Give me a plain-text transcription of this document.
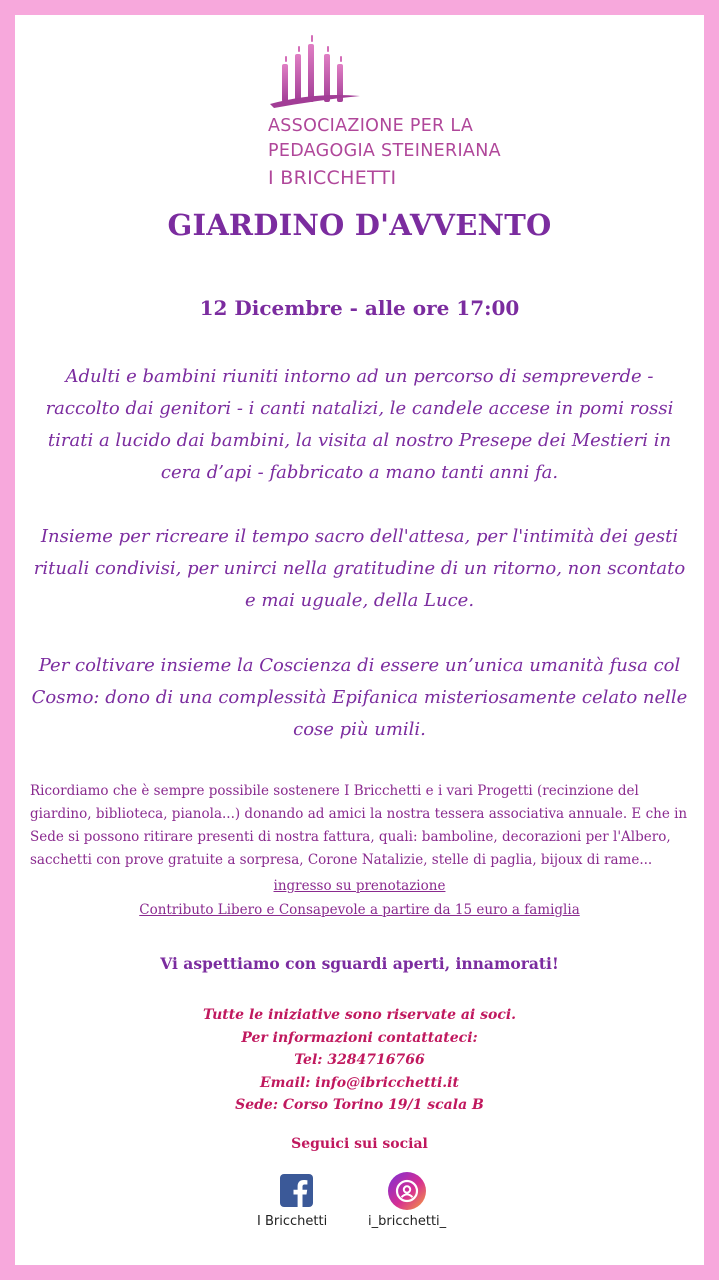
ASSOCIAZIONE PER LA
PEDAGOGIA STEINERIANA
I BRICCHETTI
GIARDINO D'AVVENTO
12 Dicembre - alle ore 17:00
Adulti e bambini riuniti intorno ad un percorso di sempreverde - raccolto dai genitori - i canti natalizi, le candele accese in pomi rossi tirati a lucido dai bambini, la visita al nostro Presepe dei Mestieri in cera d’api - fabbricato a mano tanti anni fa.
Insieme per ricreare il tempo sacro dell'attesa, per l'intimità dei gesti rituali condivisi, per unirci nella gratitudine di un ritorno, non scontato e mai uguale, della Luce.
Per coltivare insieme la Coscienza di essere un’unica umanità fusa col Cosmo: dono di una complessità Epifanica misteriosamente celato nelle cose più umili.
Ricordiamo che è sempre possibile sostenere I Bricchetti e i vari Progetti (recinzione del giardino, biblioteca, pianola...) donando ad amici la nostra tessera associativa annuale. E che in Sede si possono ritirare presenti di nostra fattura, quali: bamboline, decorazioni per l'Albero, sacchetti con prove gratuite a sorpresa, Corone Natalizie, stelle di paglia, bijoux di rame...
ingresso su prenotazione
Contributo Libero e Consapevole a partire da 15 euro a famiglia
Vi aspettiamo con sguardi aperti, innamorati!
Tutte le iniziative sono riservate ai soci.
Per informazioni contattateci:
Tel: 3284716766
Email: info@ibricchetti.it
Sede: Corso Torino 19/1 scala B
Seguici sui social
I Bricchetti	i_bricchetti_
